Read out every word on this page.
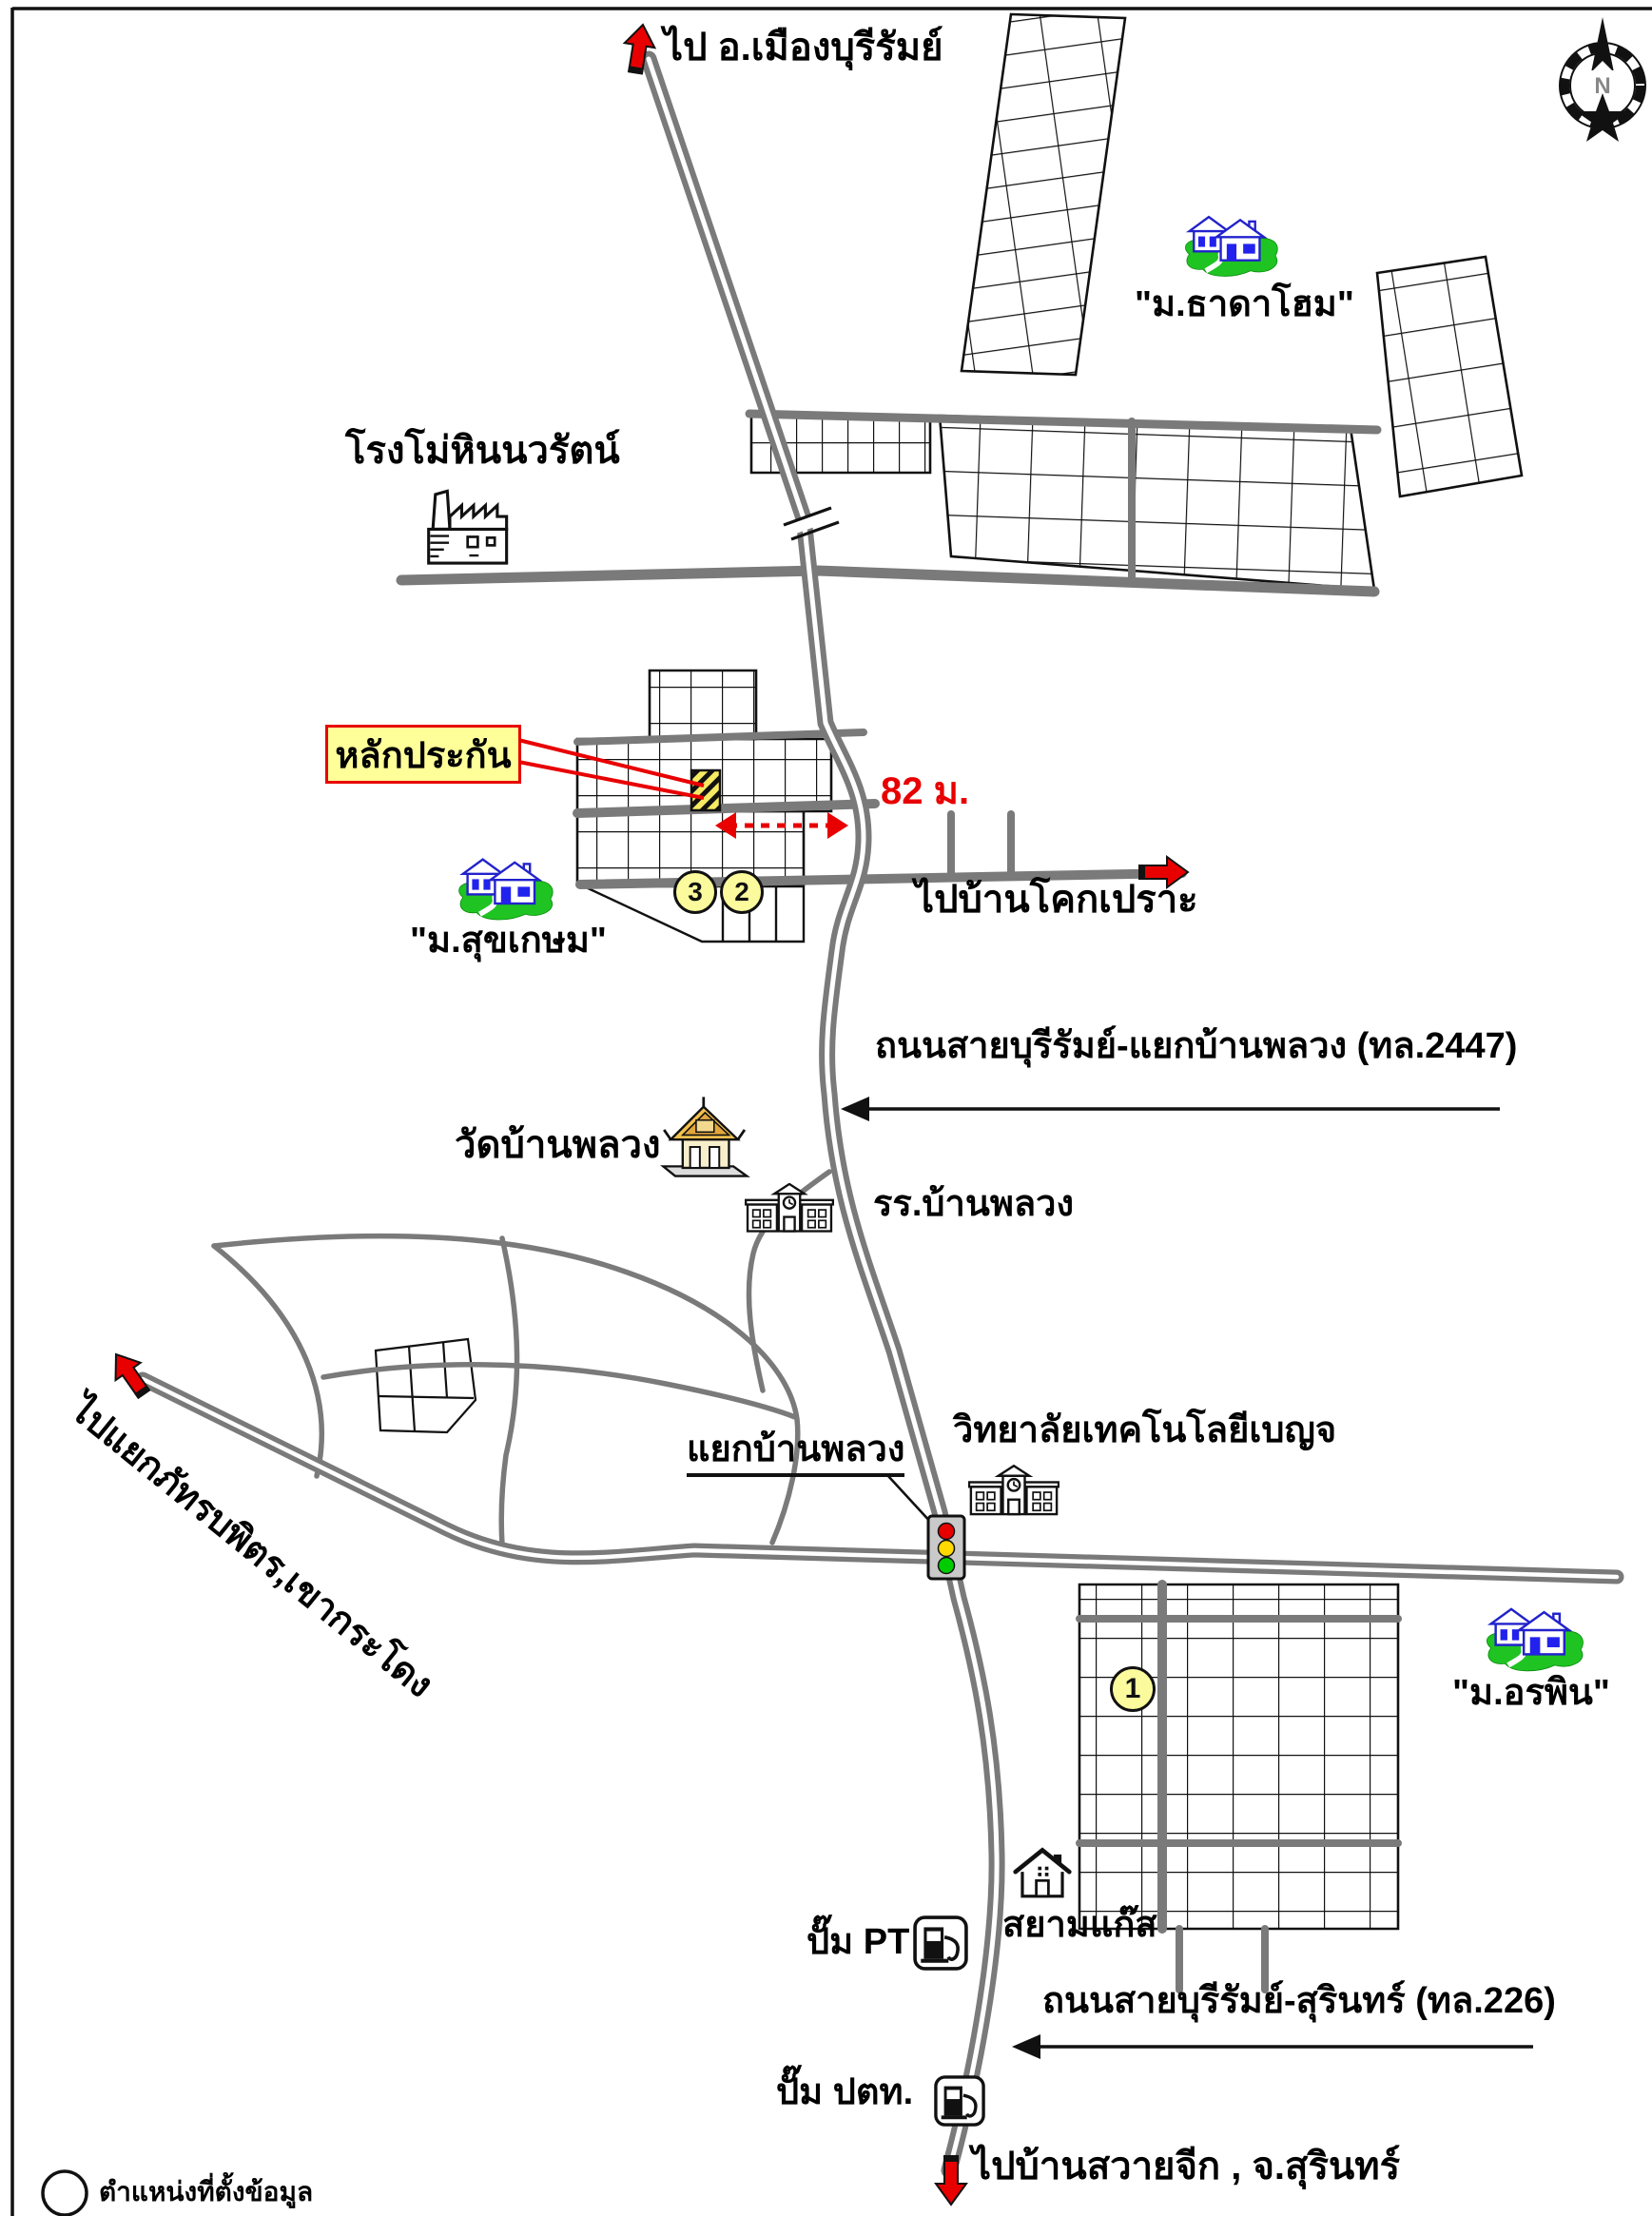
ไป อ.เมืองบุรีรัมย์
N
"ม.ธาดาโฮม"
โรงโม่หินนวรัตน์
หลักประกัน
82 ม.
3	2
"ม.สุขเกษม"
ไปบ้านโคกเปราะ
ถนนสายบุรีรัมย์-แยกบ้านพลวง (ทล.2447)
วัดบ้านพลวง
รร.บ้านพลวง
ไปแยกภัทรบพิตร,เขากระโดง	แยกบ้านพลวง วิทยาลัยเทคโนโลยีเบญจ
1	"ม.อรพิน"
สยามแก๊ส
ปั๊ม PT
ถนนสายบุรีรัมย์-สุรินทร์ (ทล.226)
ปั๊ม ปตท.
ไปบ้านสวายจีก , จ.สุรินทร์
ตำแหน่งที่ตั้งข้อมูล
